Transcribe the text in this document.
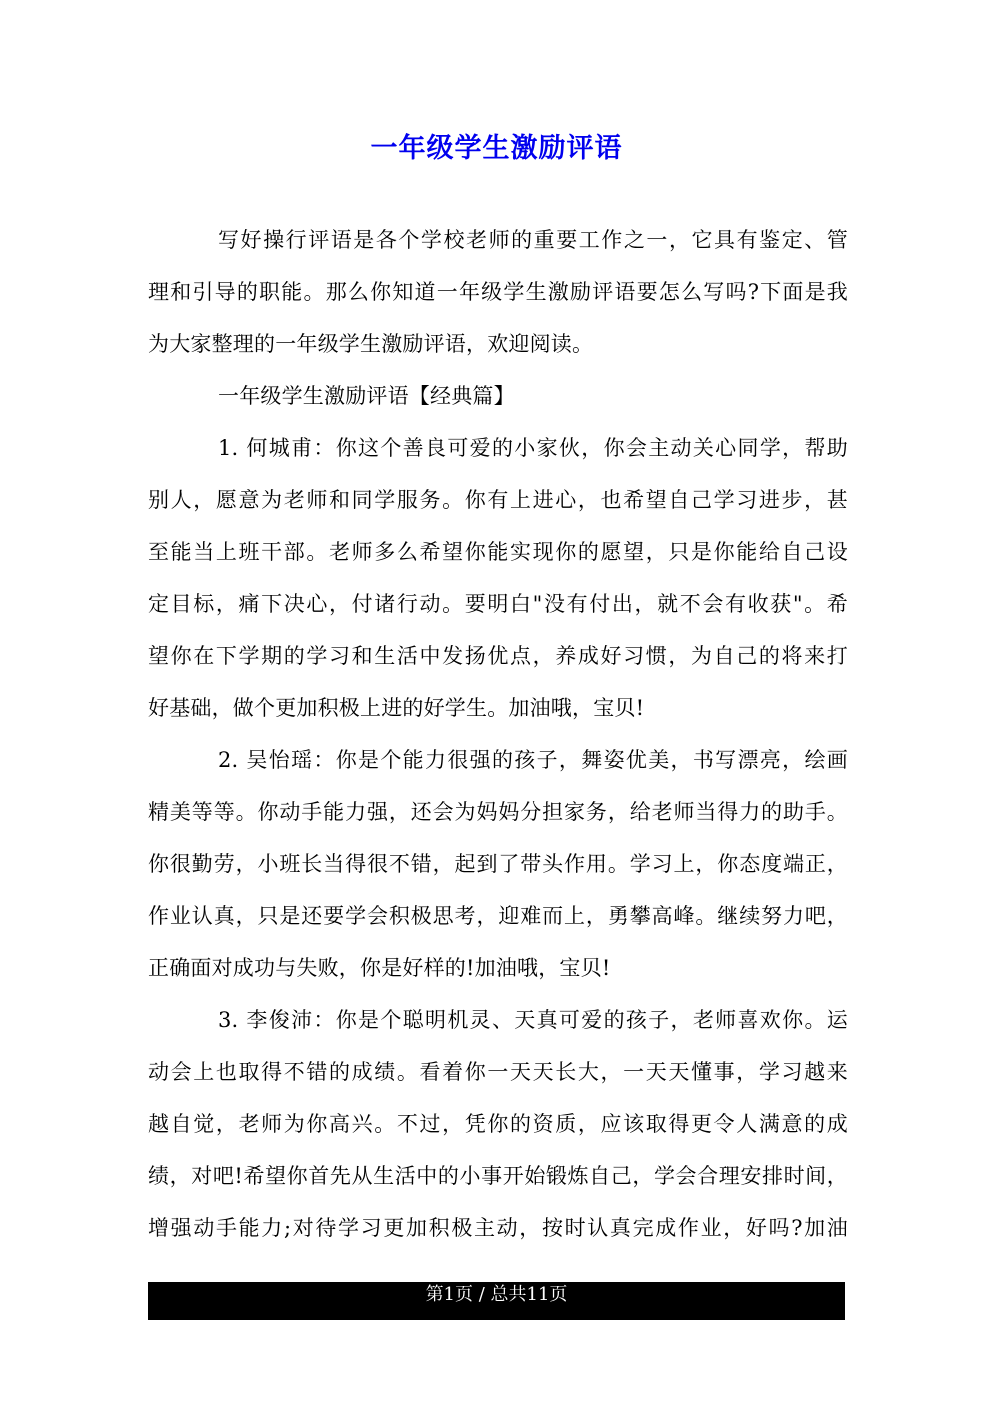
一年级学生激励评语
写好操行评语是各个学校老师的重要工作之一，它具有鉴定、管
理和引导的职能。那么你知道一年级学生激励评语要怎么写吗?下面是我
为大家整理的一年级学生激励评语，欢迎阅读。
一年级学生激励评语【经典篇】
1. 何城甫：你这个善良可爱的小家伙，你会主动关心同学，帮助
别人，愿意为老师和同学服务。你有上进心，也希望自己学习进步，甚
至能当上班干部。老师多么希望你能实现你的愿望，只是你能给自己设
定目标，痛下决心，付诸行动。要明白"没有付出，就不会有收获"。希
望你在下学期的学习和生活中发扬优点，养成好习惯，为自己的将来打
好基础，做个更加积极上进的好学生。加油哦，宝贝!
2. 吴怡瑶：你是个能力很强的孩子，舞姿优美，书写漂亮，绘画
精美等等。你动手能力强，还会为妈妈分担家务，给老师当得力的助手。
你很勤劳，小班长当得很不错，起到了带头作用。学习上，你态度端正，
作业认真，只是还要学会积极思考，迎难而上，勇攀高峰。继续努力吧，
正确面对成功与失败，你是好样的!加油哦，宝贝!
3. 李俊沛：你是个聪明机灵、天真可爱的孩子，老师喜欢你。运
动会上也取得不错的成绩。看着你一天天长大，一天天懂事，学习越来
越自觉，老师为你高兴。不过，凭你的资质，应该取得更令人满意的成
绩，对吧!希望你首先从生活中的小事开始锻炼自己，学会合理安排时间，
增强动手能力;对待学习更加积极主动，按时认真完成作业，好吗?加油
第1页 / 总共11页
